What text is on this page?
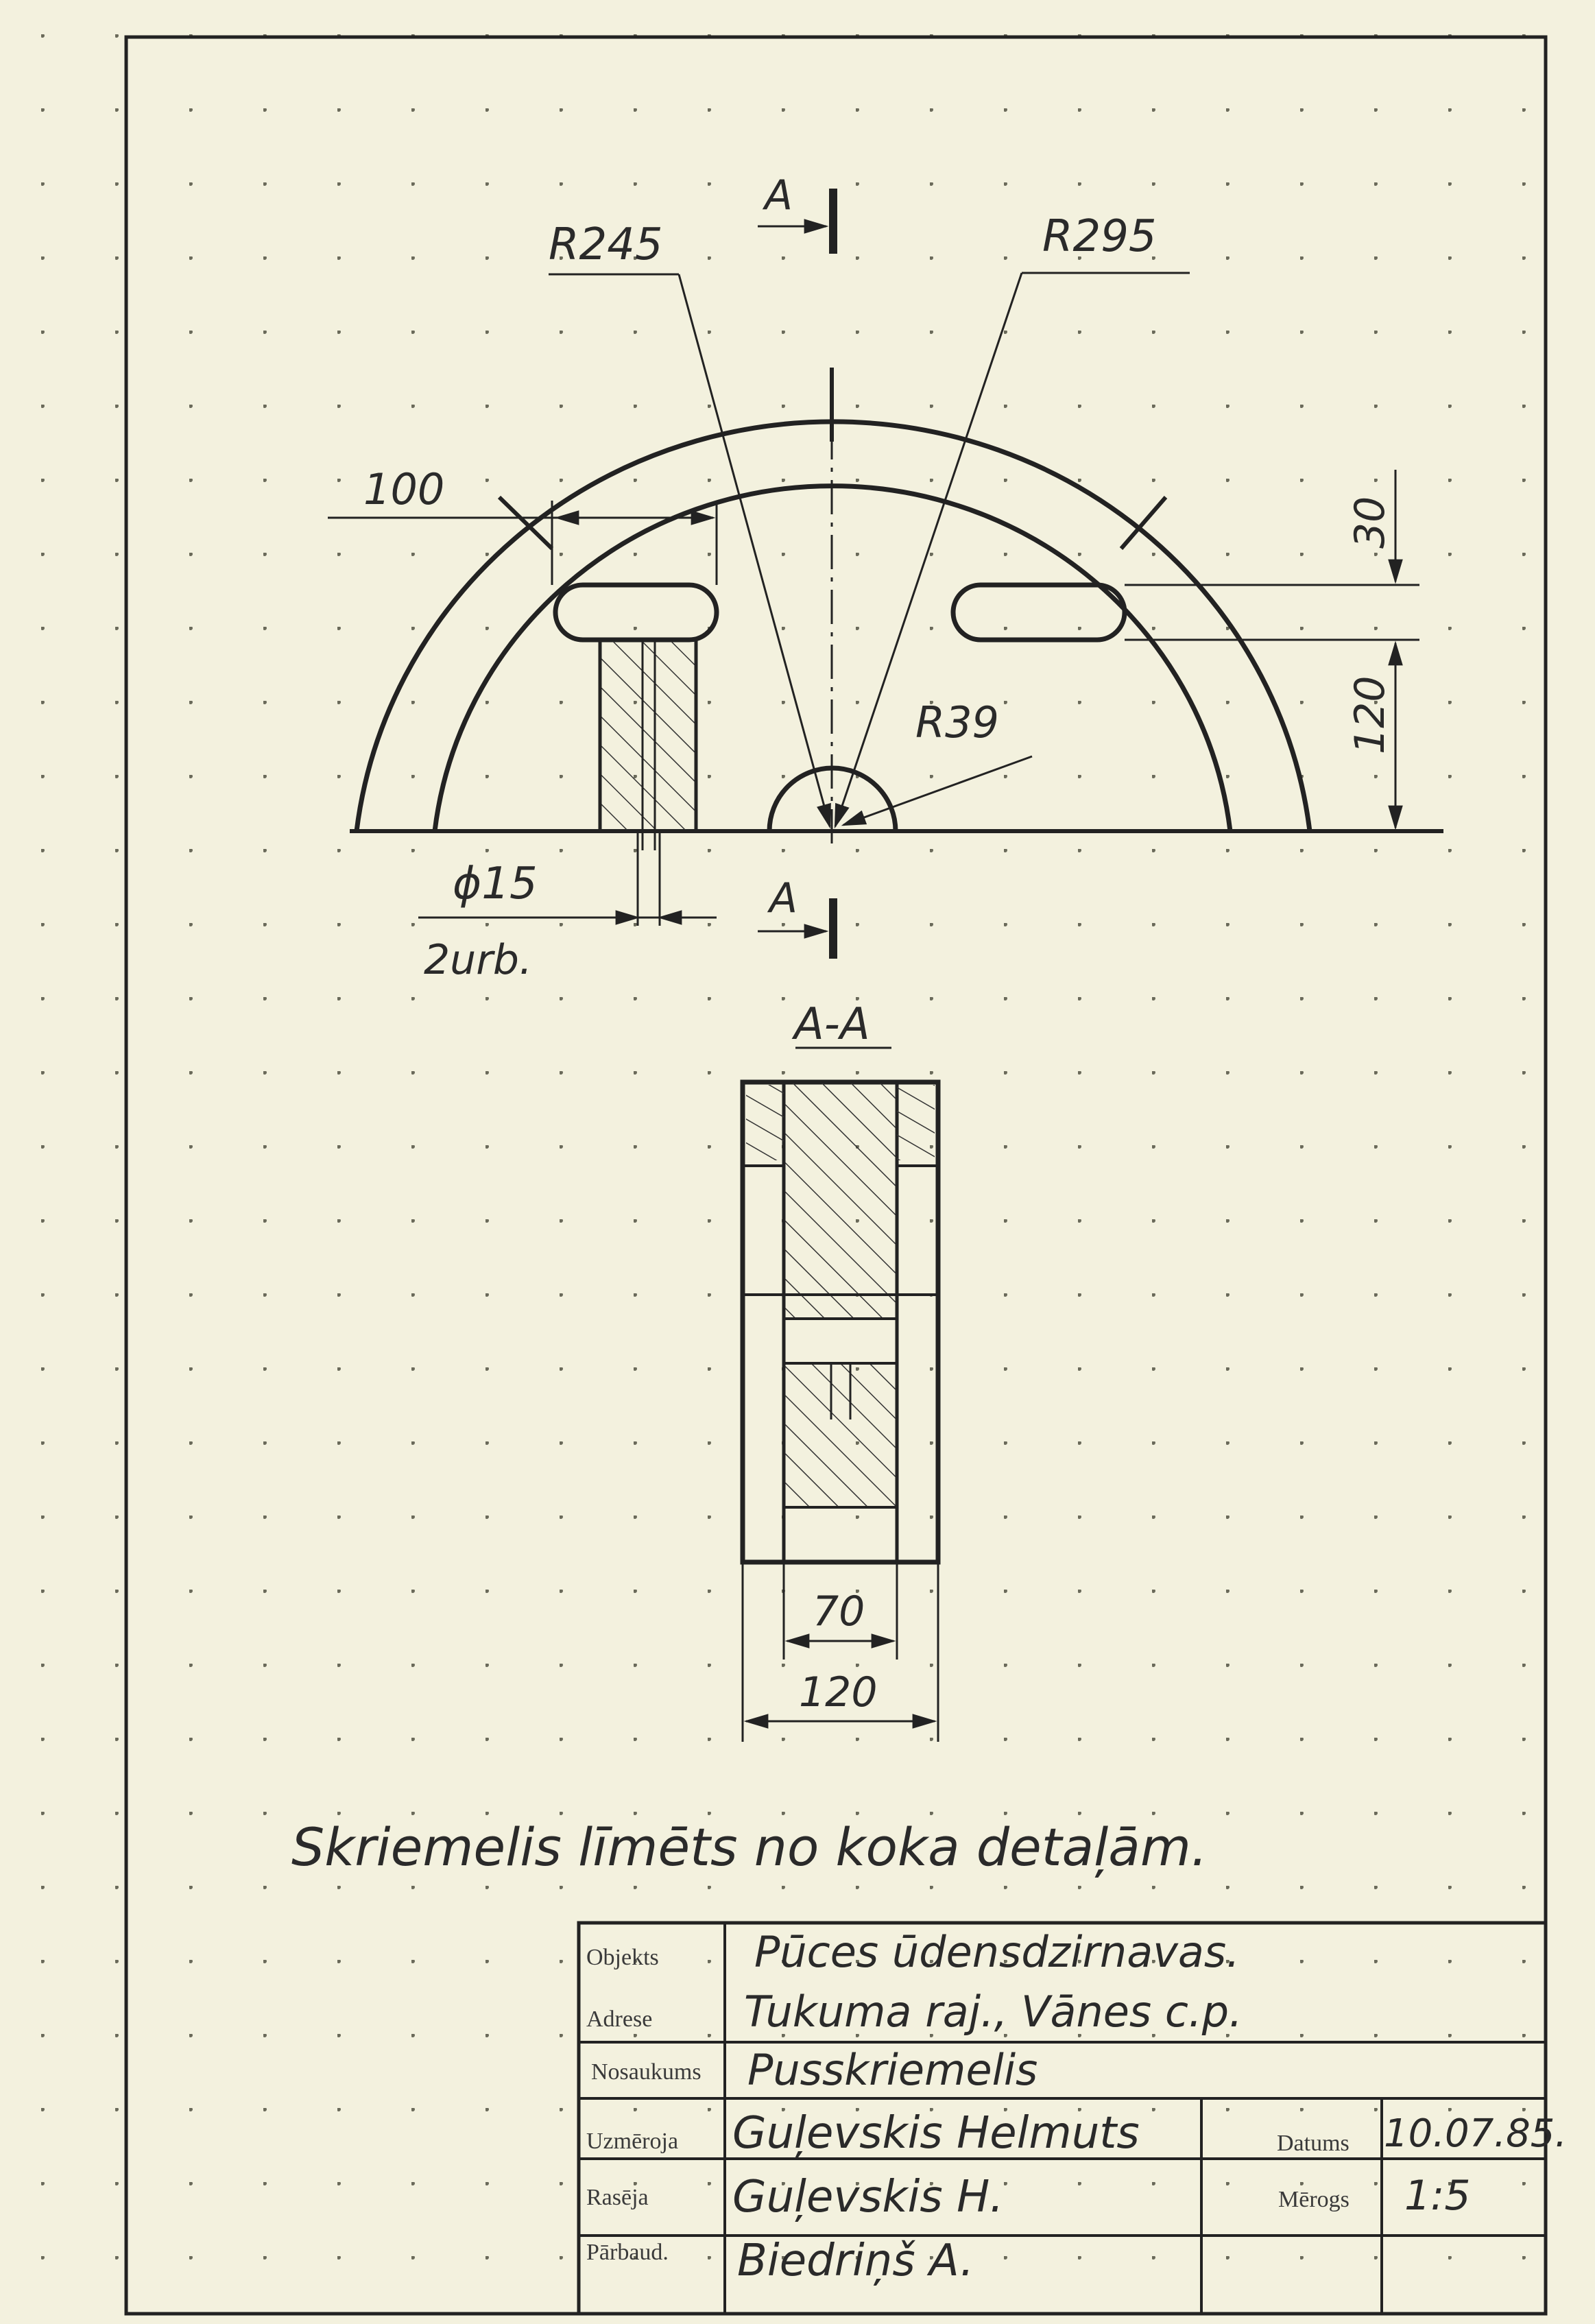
R245	R295
R39
100
30
120
ϕ15
2urb.
70
120
A
A
A-A
Skriemelis līmēts no koka detaļām.
Objekts
Adrese
Nosaukums
Uzmēroja
Rasēja
Pārbaud.
Datums
Mērogs
Pūces ūdensdzirnavas.
Tukuma raj., Vānes c.p.
Pusskriemelis
Guļevskis Helmuts
Guļevskis H.
Biedriņš A.
10.07.85.
1:5
